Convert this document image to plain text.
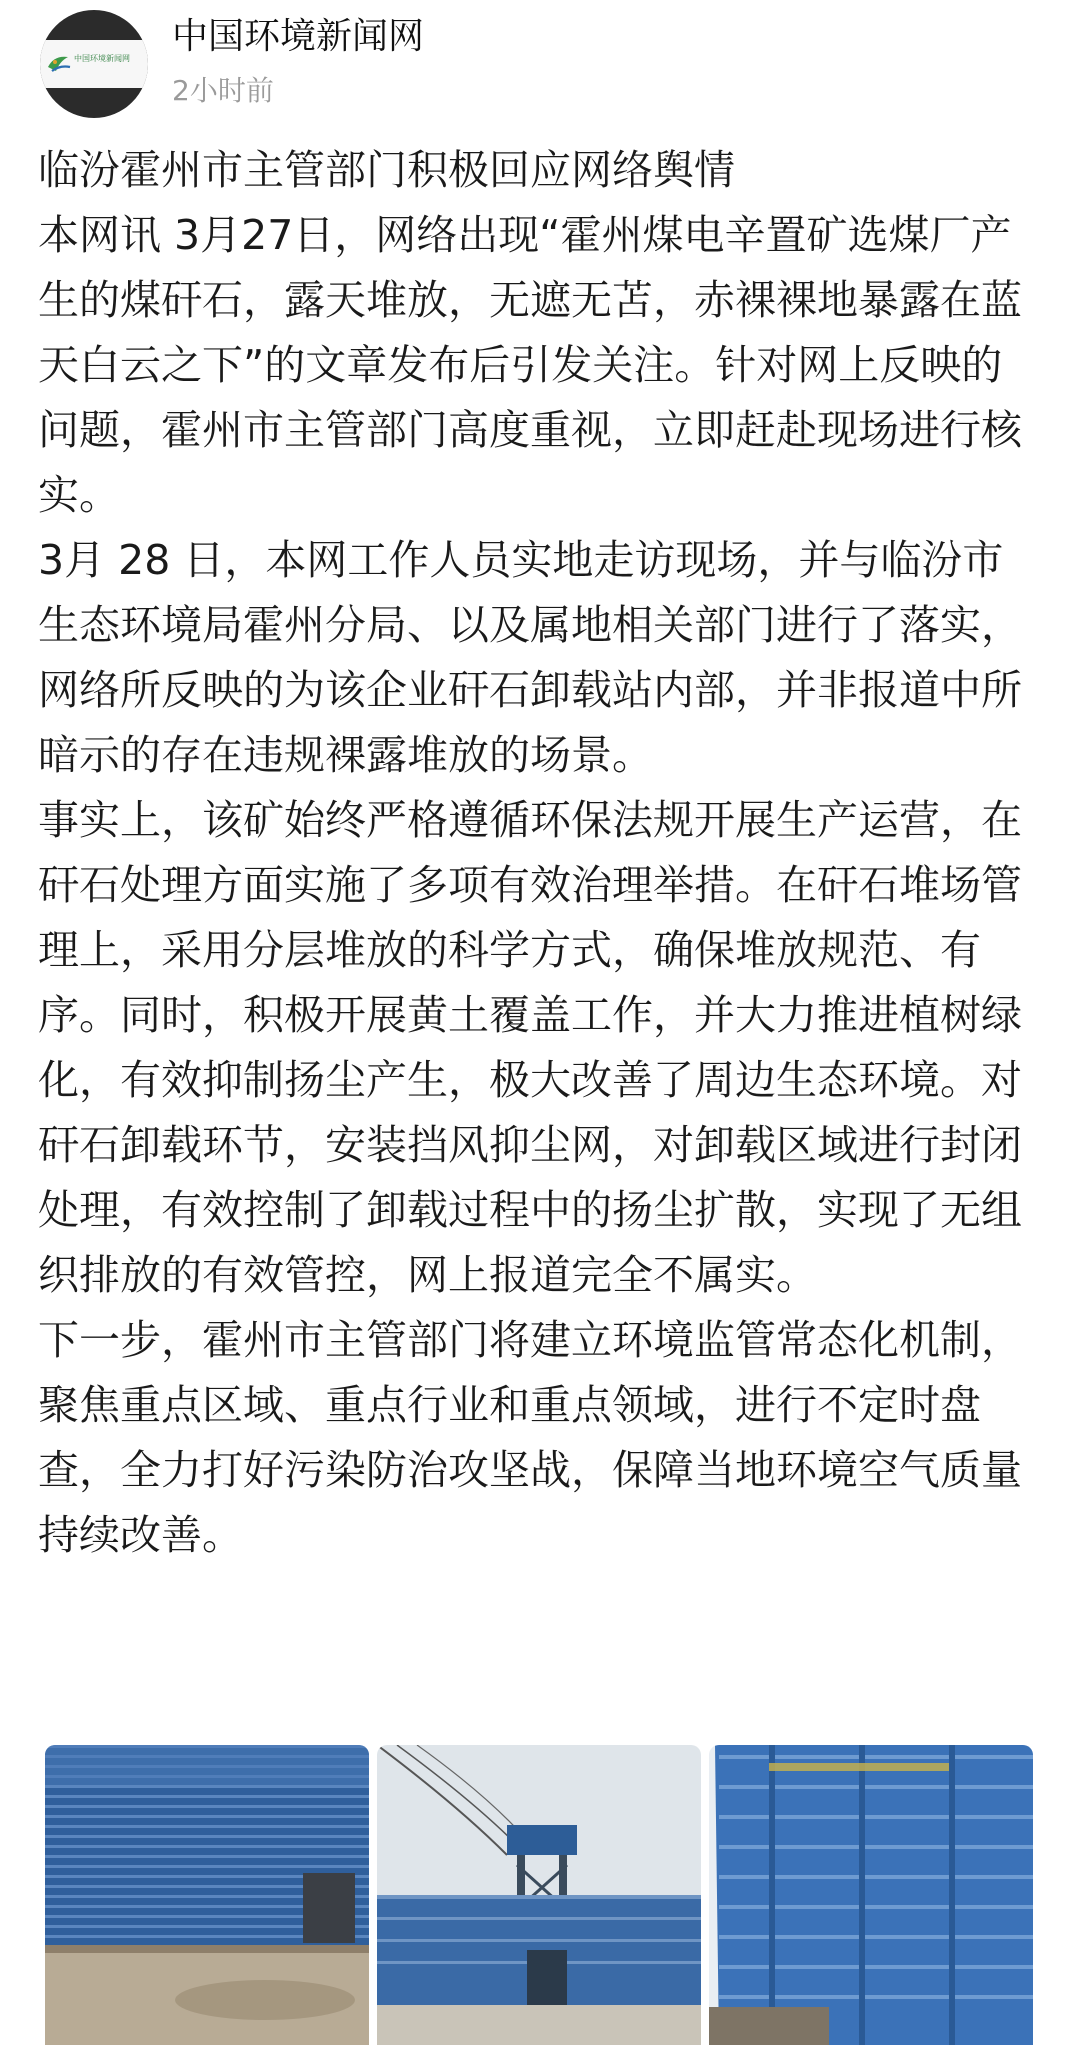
中国环境新闻网
中国环境新闻网
2小时前

临汾霍州市主管部门积极回应网络舆情

本网讯 3月27日，网络出现“霍州煤电辛置矿选煤厂产生的煤矸石，露天堆放，无遮无苫，赤裸裸地暴露在蓝天白云之下”的文章发布后引发关注。针对网上反映的问题，霍州市主管部门高度重视，立即赶赴现场进行核实。

3月 28 日，本网工作人员实地走访现场，并与临汾市生态环境局霍州分局、以及属地相关部门进行了落实，网络所反映的为该企业矸石卸载站内部，并非报道中所暗示的存在违规裸露堆放的场景。

事实上，该矿始终严格遵循环保法规开展生产运营，在矸石处理方面实施了多项有效治理举措。在矸石堆场管理上，采用分层堆放的科学方式，确保堆放规范、有序。同时，积极开展黄土覆盖工作，并大力推进植树绿化，有效抑制扬尘产生，极大改善了周边生态环境。对矸石卸载环节，安装挡风抑尘网，对卸载区域进行封闭处理，有效控制了卸载过程中的扬尘扩散，实现了无组织排放的有效管控，网上报道完全不属实。

下一步，霍州市主管部门将建立环境监管常态化机制，聚焦重点区域、重点行业和重点领域，进行不定时盘查，全力打好污染防治攻坚战，保障当地环境空气质量持续改善。
